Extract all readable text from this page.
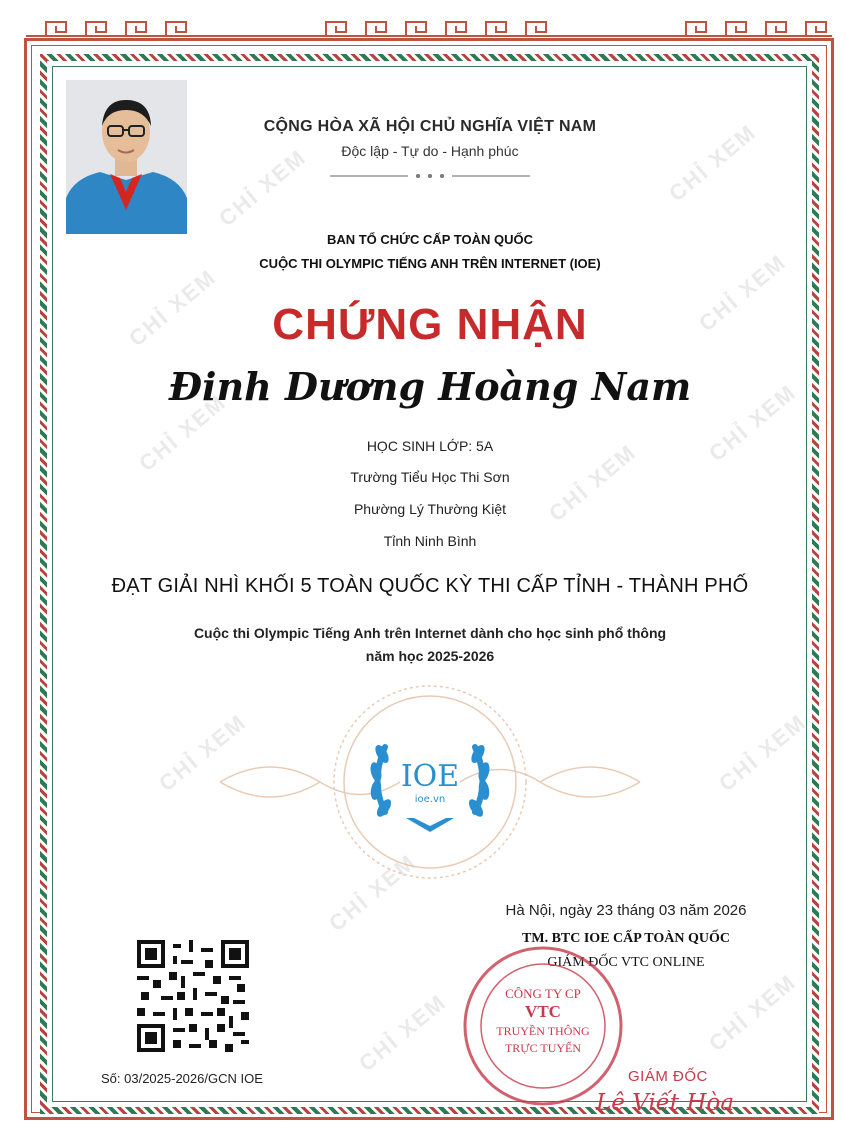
CHỈ XEM
CHỈ XEM
CHỈ XEM	CHỈ XEM
CHỈ XEM
CHỈ XEM
CHỈ XEM
CHỈ XEM	CHỈ XEM
CHỈ XEM
CHỈ XEM	CHỈ XEM
CỘNG HÒA XÃ HỘI CHỦ NGHĨA VIỆT NAM
Độc lập - Tự do - Hạnh phúc
BAN TỔ CHỨC CẤP TOÀN QUỐC
CUỘC THI OLYMPIC TIẾNG ANH TRÊN INTERNET (IOE)
CHỨNG NHẬN
Đinh Dương Hoàng Nam
HỌC SINH LỚP: 5A
Trường Tiểu Học Thi Sơn
Phường Lý Thường Kiệt
Tỉnh Ninh Bình
ĐẠT GIẢI NHÌ KHỐI 5 TOÀN QUỐC KỲ THI CẤP TỈNH - THÀNH PHỐ
Cuộc thi Olympic Tiếng Anh trên Internet dành cho học sinh phổ thông
năm học 2025-2026
IOE
ioe.vn
Hà Nội, ngày 23 tháng 03 năm 2026
TM. BTC IOE CẤP TOÀN QUỐC
GIÁM ĐỐC VTC ONLINE
CÔNG TY CP
VTC
TRUYỀN THÔNG
TRỰC TUYẾN
GIÁM ĐỐC
Lê Viết Hòa
Số: 03/2025-2026/GCN IOE
